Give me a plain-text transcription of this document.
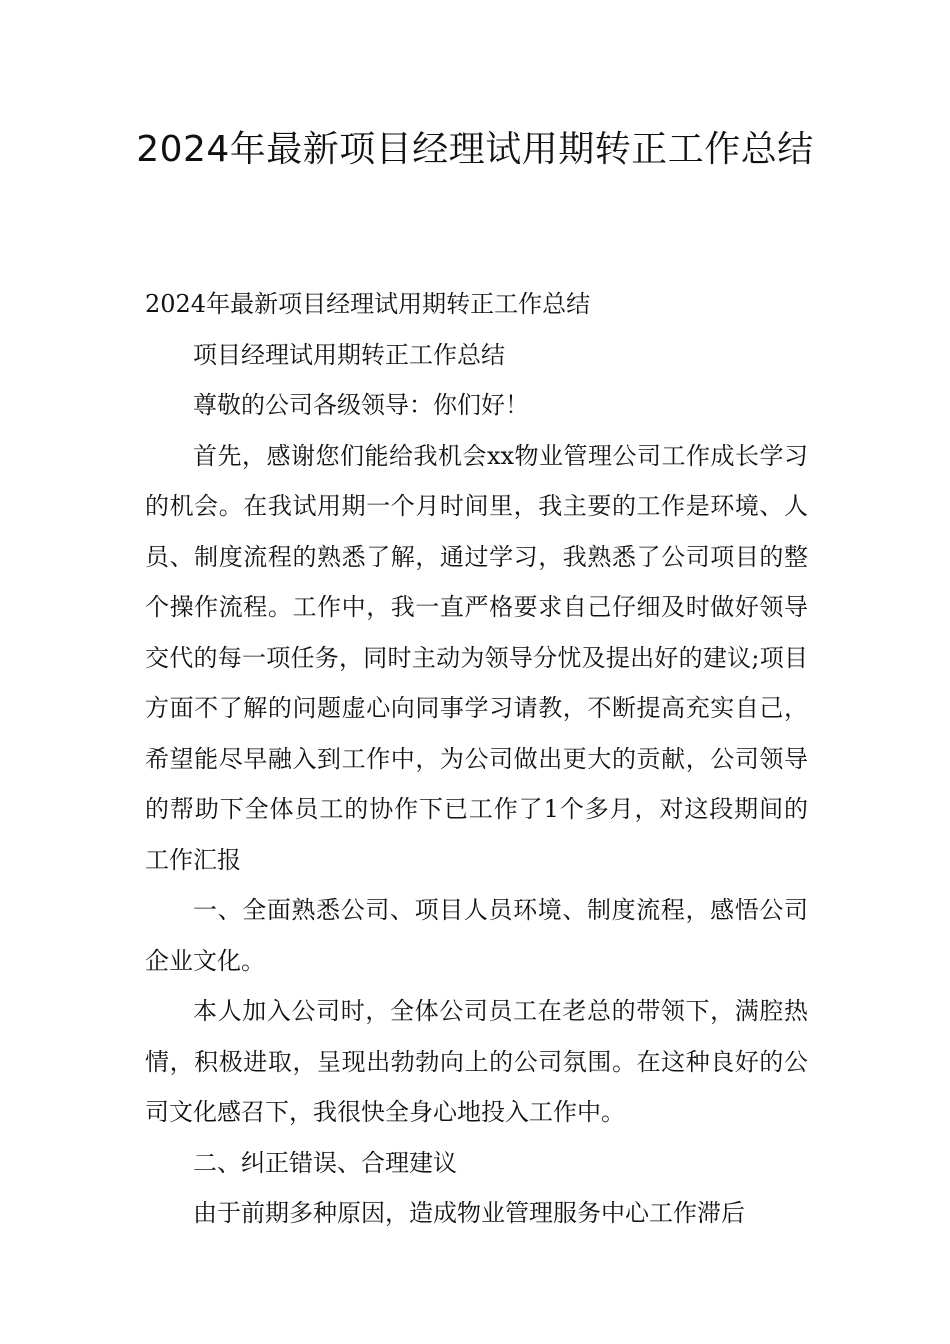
2024年最新项目经理试用期转正工作总结

2024年最新项目经理试用期转正工作总结

项目经理试用期转正工作总结

尊敬的公司各级领导：你们好！

首先，感谢您们能给我机会xx物业管理公司工作成长学习的机会。在我试用期一个月时间里，我主要的工作是环境、人员、制度流程的熟悉了解，通过学习，我熟悉了公司项目的整个操作流程。工作中，我一直严格要求自己仔细及时做好领导交代的每一项任务，同时主动为领导分忧及提出好的建议;项目方面不了解的问题虚心向同事学习请教，不断提高充实自己，希望能尽早融入到工作中，为公司做出更大的贡献，公司领导的帮助下全体员工的协作下已工作了1个多月，对这段期间的工作汇报

一、全面熟悉公司、项目人员环境、制度流程，感悟公司企业文化。

本人加入公司时，全体公司员工在老总的带领下，满腔热情，积极进取，呈现出勃勃向上的公司氛围。在这种良好的公司文化感召下，我很快全身心地投入工作中。

二、纠正错误、合理建议

由于前期多种原因，造成物业管理服务中心工作滞后
